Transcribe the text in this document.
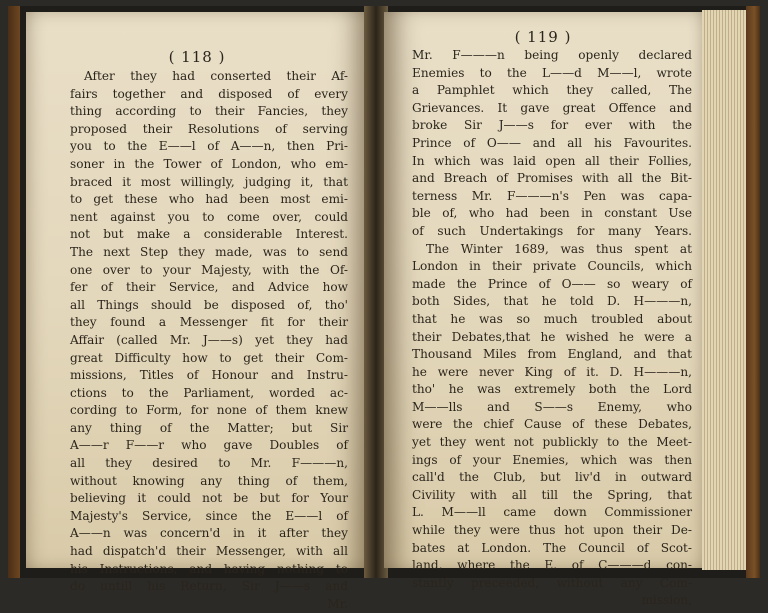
( 118 )
After they had conserted their Af-
fairs together and disposed of every
thing according to their Fancies, they
proposed their Resolutions of serving
you to the E——l of A——n, then Pri-
soner in the Tower of London, who em-
braced it most willingly, judging it, that
to get these who had been most emi-
nent against you to come over, could
not but make a considerable Interest.
The next Step they made, was to send
one over to your Majesty, with the Of-
fer of their Service, and Advice how
all Things should be disposed of, tho'
they found a Messenger fit for their
Affair (called Mr. J——s) yet they had
great Difficulty how to get their Com-
missions, Titles of Honour and Instru-
ctions to the Parliament, worded ac-
cording to Form, for none of them knew
any thing of the Matter; but Sir
A——r F——r who gave Doubles of
all they desired to Mr. F———n,
without knowing any thing of them,
believing it could not be but for Your
Majesty's Service, since the E——l of
A——n was concern'd in it after they
had dispatch'd their Messenger, with all
his Instructions, and having nothing to
do untill his Return, Sir J——s and
Mr.
( 119 )
Mr. F———n being openly declared
Enemies to the L——d M——l, wrote
a Pamphlet which they called, The
Grievances. It gave great Offence and
broke Sir J——s for ever with the
Prince of O—— and all his Favourites.
In which was laid open all their Follies,
and Breach of Promises with all the Bit-
terness Mr. F———n's Pen was capa-
ble of, who had been in constant Use
of such Undertakings for many Years.
The Winter 1689, was thus spent at
London in their private Councils, which
made the Prince of O—— so weary of
both Sides, that he told D. H———n,
that he was so much troubled about
their Debates,that he wished he were a
Thousand Miles from England, and that
he were never King of it. D. H———n,
tho' he was extremely both the Lord
M——lls and S——s Enemy, who
were the chief Cause of these Debates,
yet they went not publickly to the Meet-
ings of your Enemies, which was then
call'd the Club, but liv'd in outward
Civility with all till the Spring, that
L. M——ll came down Commissioner
while they were thus hot upon their De-
bates at London. The Council of Scot-
land, where the E. of C———d con-
stantly preceeded, without any Com-
mission,
